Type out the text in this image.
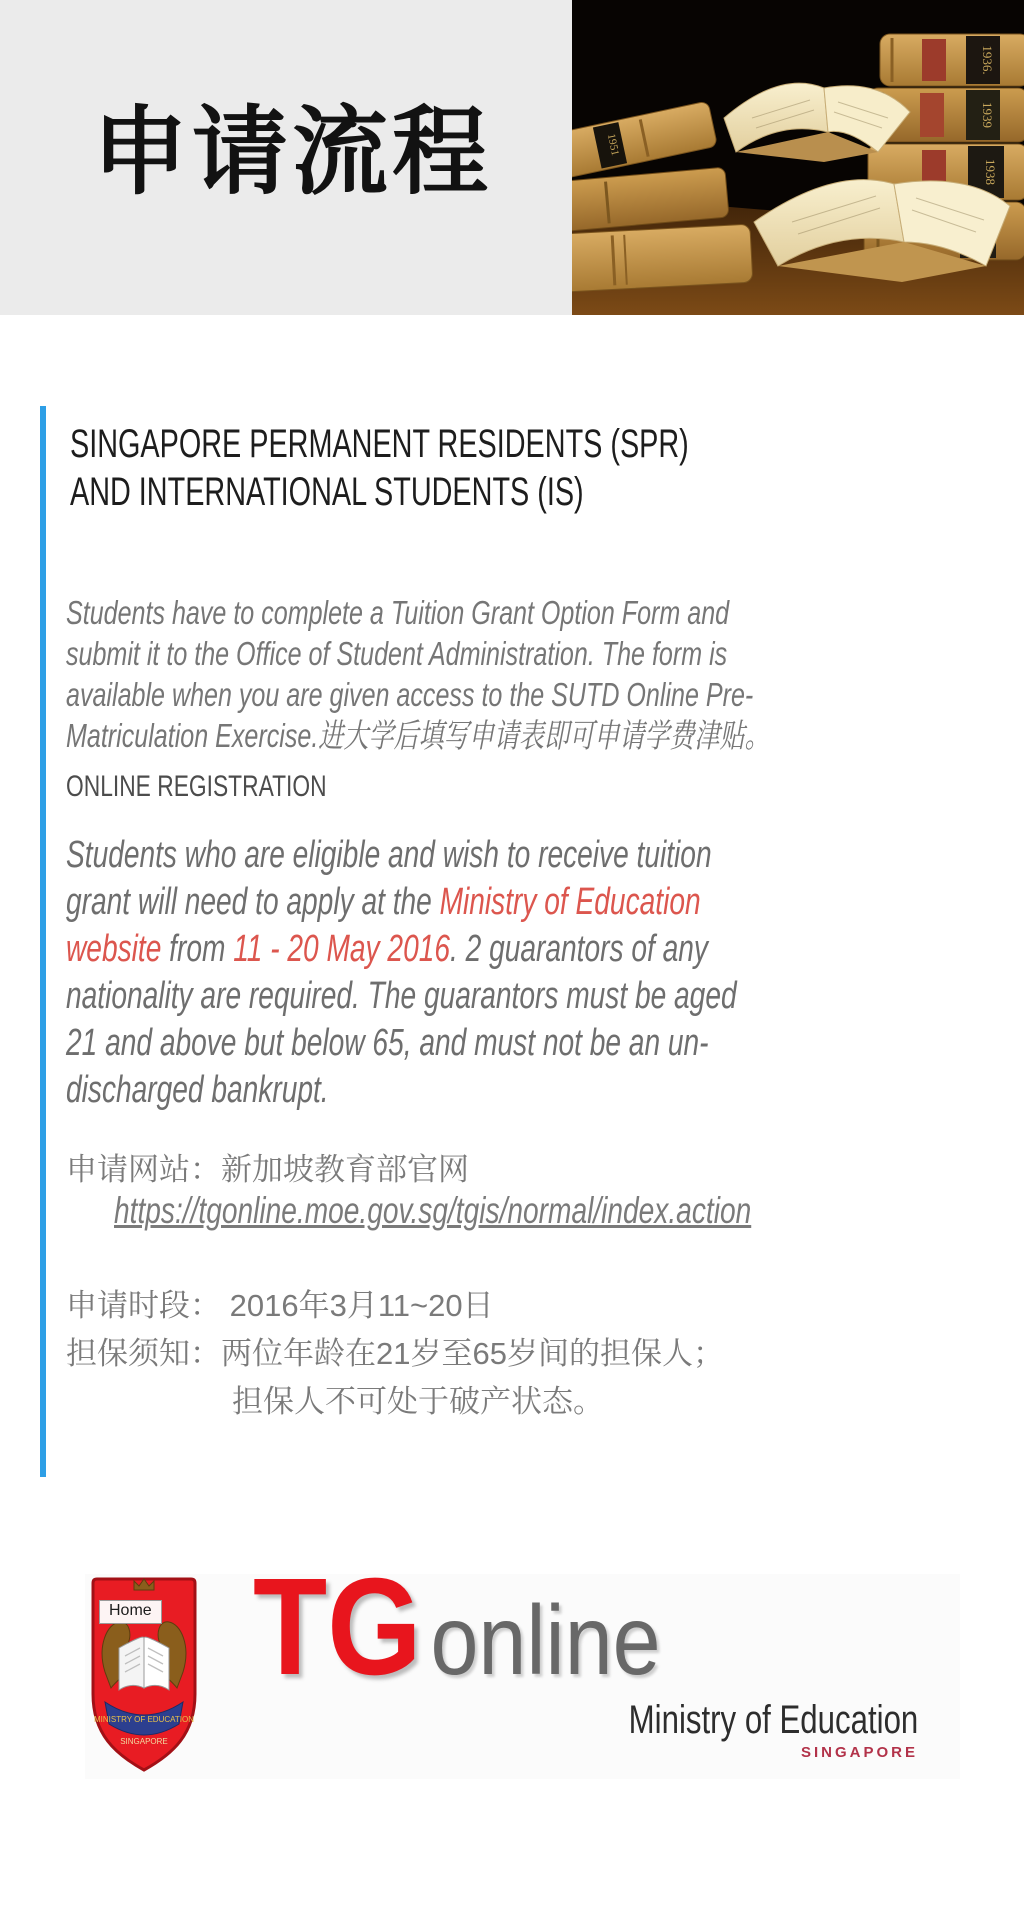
申请流程
1936.
1939
1938
1951
SINGAPORE PERMANENT RESIDENTS (SPR)
AND INTERNATIONAL STUDENTS (IS)
Students have to complete a Tuition Grant Option Form and
submit it to the Office of Student Administration. The form is
available when you are given access to the SUTD Online Pre-
Matriculation Exercise.进大学后填写申请表即可申请学费津贴。
ONLINE REGISTRATION
Students who are eligible and wish to receive tuition
grant will need to apply at the Ministry of Education
website from 11 - 20 May 2016. 2 guarantors of any
nationality are required. The guarantors must be aged
21 and above but below 65, and must not be an un-
discharged bankrupt.
申请网站：新加坡教育部官网
https://tgonline.moe.gov.sg/tgis/normal/index.action
申请时段： 2016年3月11~20日
担保须知：两位年龄在21岁至65岁间的担保人；
担保人不可处于破产状态。
MINISTRY OF EDUCATION
SINGAPORE
Home TG online
Ministry of Education
SINGAPORE
